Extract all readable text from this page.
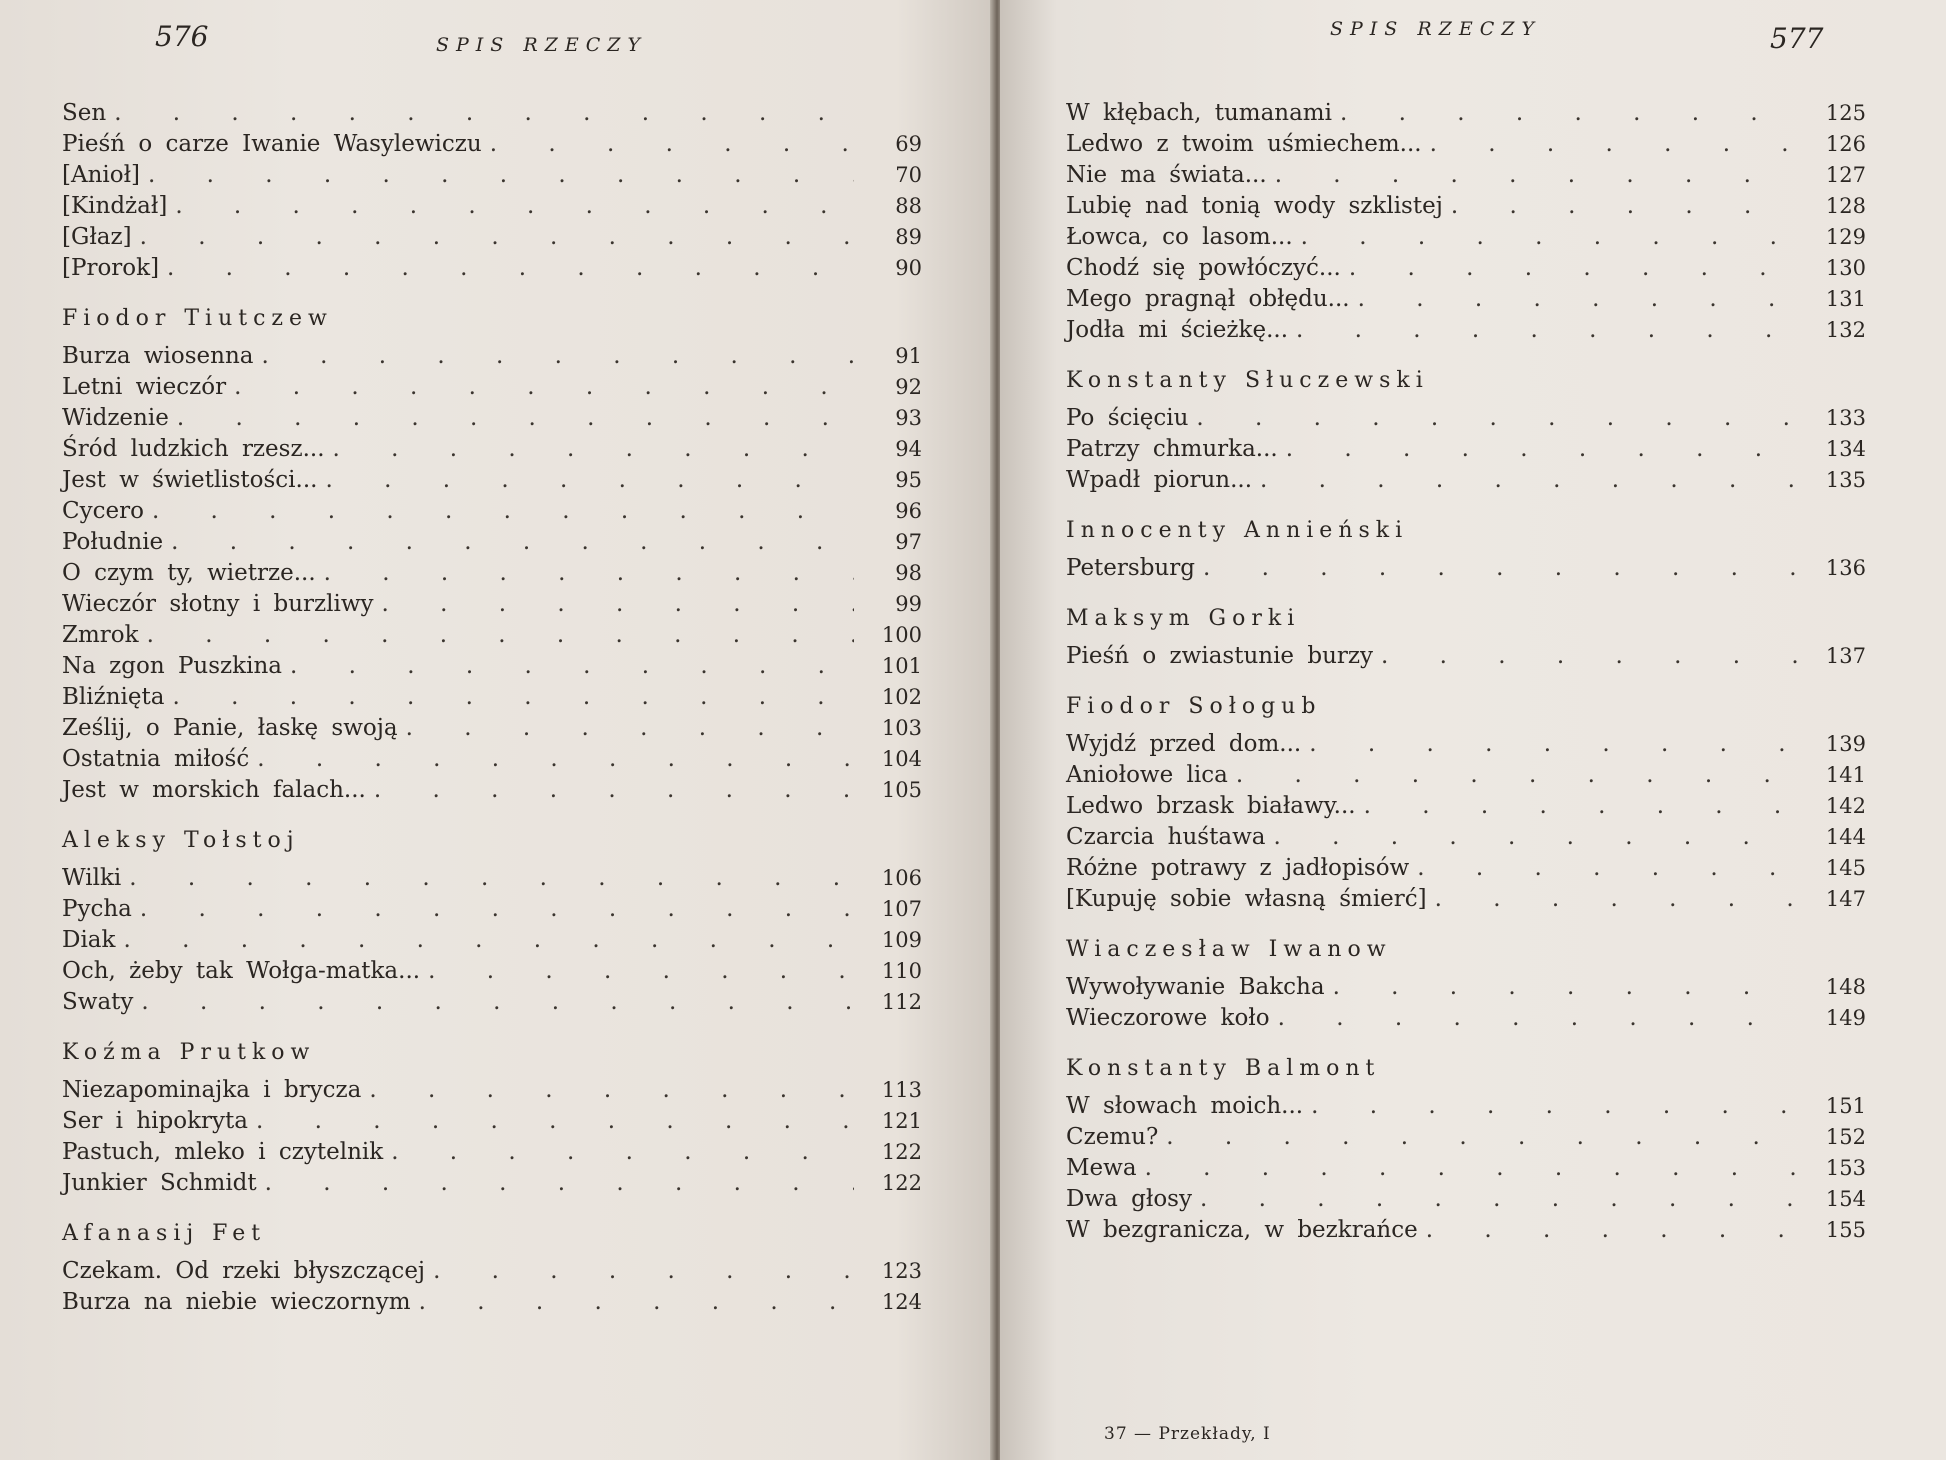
576	SPIS RZECZY
Sen
. . .
Pieśń o carze Iwanie Wasylewiczu . . .	69
[Anioł] . . .	70
[Kindżał] . . .	88
[Głaz] . . .	89
[Prorok] . . .	90
Fiodor Tiutczew
Burza wiosenna . . .	91
Letni wieczór . . .	92
Widzenie . . .	93
Śród ludzkich rzesz... . . .	94
Jest w świetlistości... . . .	95
Cycero . . .	96
Południe . . .	97
O czym ty, wietrze... . . .	98
Wieczór słotny i burzliwy . . .	99
Zmrok . . .	100
Na zgon Puszkina . . .	101
Bliźnięta . . .	102
Ześlij, o Panie, łaskę swoją . . .	103
Ostatnia miłość . . .	104
Jest w morskich falach... . . .	105
Aleksy Tołstoj
Wilki . . .	106
Pycha . . .	107
Diak . . .	109
Och, żeby tak Wołga-matka... . . .	110
Swaty . . .	112
Koźma Prutkow
Niezapominajka i brycza . . .	113
Ser i hipokryta . . .	121
Pastuch, mleko i czytelnik . . .	122
Junkier Schmidt . . .	122
Afanasij Fet
Czekam. Od rzeki błyszczącej . . .	123
Burza na niebie wieczornym . . .	124
SPIS RZECZY	577
W kłębach, tumanami . . .	125
Ledwo z twoim uśmiechem... . . .	126
Nie ma świata... . . .	127
Lubię nad tonią wody szklistej . . .	128
Łowca, co lasom... . . .	129
Chodź się powłóczyć... . . .	130
Mego pragnął obłędu... . . .	131
Jodła mi ścieżkę... . . .	132
Konstanty Słuczewski
Po ścięciu . . .	133
Patrzy chmurka... . . .	134
Wpadł piorun... . . .	135
Innocenty Annieński
Petersburg . . .	136
Maksym Gorki
Pieśń o zwiastunie burzy . . .	137
Fiodor Sołogub
Wyjdź przed dom... . . .	139
Aniołowe lica . . .	141
Ledwo brzask białawy... . . .	142
Czarcia huśtawa . . .	144
Różne potrawy z jadłopisów . . .	145
[Kupuję sobie własną śmierć] . . .	147
Wiaczesław Iwanow
Wywoływanie Bakcha . . .	148
Wieczorowe koło . . .	149
Konstanty Balmont
W słowach moich... . . .	151
Czemu? . . .	152
Mewa . . .	153
Dwa głosy . . .	154
W bezgranicza, w bezkrańce . . .	155
37 — Przekłady, I
